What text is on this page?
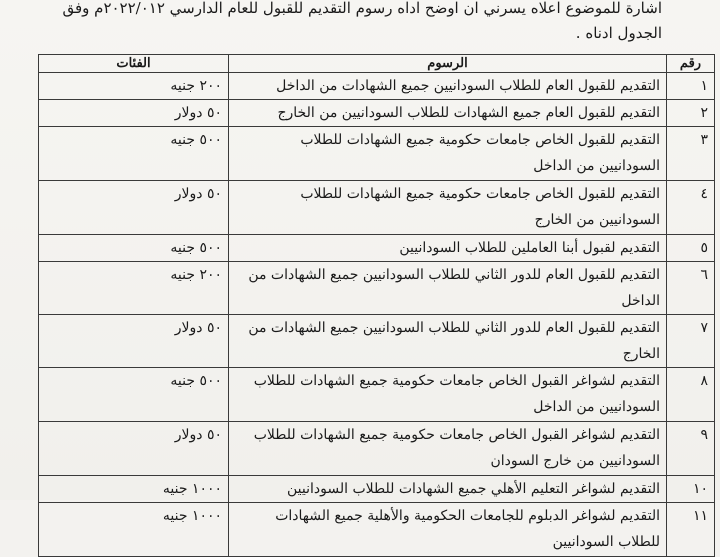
اشارة للموضوع اعلاه يسرني ان اوضح اداه رسوم التقديم للقبول للعام الدارسي ٢٠٢٢/٠١٢م وفق
الجدول ادناه .
رقم	الرسوم	الفئات
١	التقديم للقبول العام للطلاب السودانيين جميع الشهادات من الداخل	٢٠٠ جنيه
٢	التقديم للقبول العام جميع الشهادات للطلاب السودانيين من الخارج	٥٠ دولار
٣	التقديم للقبول الخاص جامعات حكومية جميع الشهادات للطلاب السودانيين من الداخل	٥٠٠ جنيه
٤	التقديم للقبول الخاص جامعات حكومية جميع الشهادات للطلاب السودانيين من الخارج	٥٠ دولار
٥	التقديم لقبول أبنا العاملين للطلاب السودانيين	٥٠٠ جنيه
٦	التقديم للقبول العام للدور الثاني للطلاب السودانيين جميع الشهادات من الداخل	٢٠٠ جنيه
٧	التقديم للقبول العام للدور الثاني للطلاب السودانيين جميع الشهادات من الخارج	٥٠ دولار
٨	التقديم لشواغر القبول الخاص جامعات حكومية جميع الشهادات للطلاب السودانيين من الداخل	٥٠٠ جنيه
٩	التقديم لشواغر القبول الخاص جامعات حكومية جميع الشهادات للطلاب السودانيين من خارج السودان	٥٠ دولار
١٠	التقديم لشواغر التعليم الأهلي جميع الشهادات للطلاب السودانيين	١٠٠٠ جنيه
١١	التقديم لشواغر الدبلوم للجامعات الحكومية والأهلية جميع الشهادات للطلاب السودانيين	١٠٠٠ جنيه
